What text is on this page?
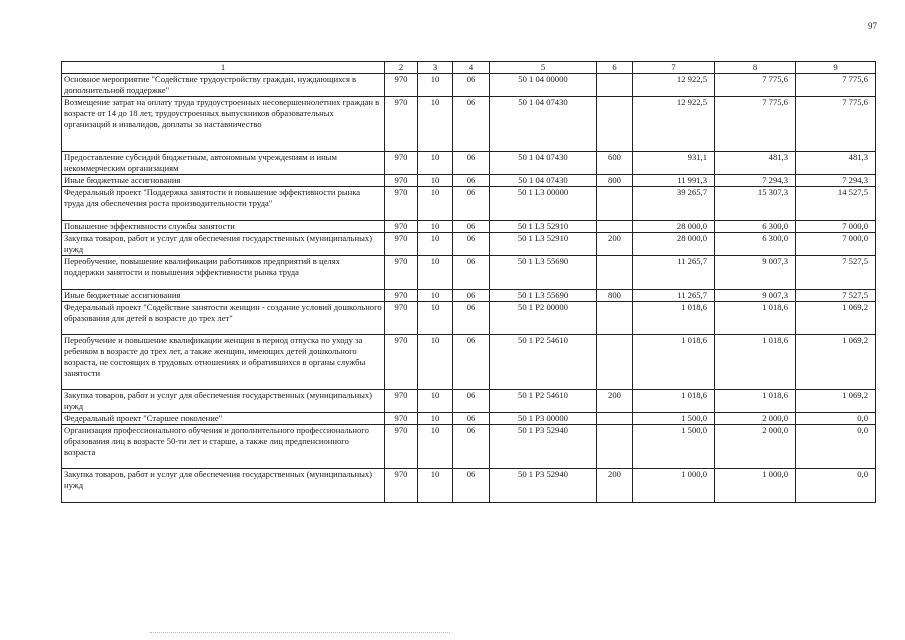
97
1	2	3	4	5	6	7	8	9
Основное мероприятие "Содействие трудоустройству граждан, нуждающихся в дополнительной поддержке"	970	10	06	50 1 04 00000		12 922,5	7 775,6	7 775,6
Возмещение затрат на оплату труда трудоустроенных несовершеннолетних граждан в возрасте от 14 до 18 лет, трудоустроенных выпускников образовательных организаций и инвалидов, доплаты за наставничество	970	10	06	50 1 04 07430		12 922,5	7 775,6	7 775,6
Предоставление субсидий бюджетным, автономным учреждениям и иным некоммерческим организациям	970	10	06	50 1 04 07430	600	931,1	481,3	481,3
Иные бюджетные ассигнования	970	10	06	50 1 04 07430	800	11 991,3	7 294,3	7 294,3
Федеральный проект "Поддержка занятости и повышение эффективности рынка труда для обеспечения роста производительности труда"	970	10	06	50 1 L3 00000		39 265,7	15 307,3	14 527,5
Повышение эффективности службы занятости	970	10	06	50 1 L3 52910		28 000,0	6 300,0	7 000,0
Закупка товаров, работ и услуг для обеспечения государственных (муниципальных) нужд	970	10	06	50 1 L3 52910	200	28 000,0	6 300,0	7 000,0
Переобучение, повышение квалификации работников предприятий в целях поддержки занятости и повышения эффективности рынка труда	970	10	06	50 1 L3 55690		11 265,7	9 007,3	7 527,5
Иные бюджетные ассигнования	970	10	06	50 1 L3 55690	800	11 265,7	9 007,3	7 527,5
Федеральный проект "Содействие занятости женщин - создание условий дошкольного образования для детей в возрасте до трех лет"	970	10	06	50 1 P2 00000		1 018,6	1 018,6	1 069,2
Переобучение и повышение квалификации женщин в период отпуска по уходу за ребенком в возрасте до трех лет, а также женщин, имеющих детей дошкольного возраста, не состоящих в трудовых отношениях и обратившихся в органы службы занятости	970	10	06	50 1 P2 54610		1 018,6	1 018,6	1 069,2
Закупка товаров, работ и услуг для обеспечения государственных (муниципальных) нужд	970	10	06	50 1 P2 54610	200	1 018,6	1 018,6	1 069,2
Федеральный проект "Старшее поколение"	970	10	06	50 1 P3 00000		1 500,0	2 000,0	0,0
Организация профессионального обучения и дополнительного профессионального образования лиц в возрасте 50-ти лет и старше, а также лиц предпенсионного возраста	970	10	06	50 1 P3 52940		1 500,0	2 000,0	0,0
Закупка товаров, работ и услуг для обеспечения государственных (муниципальных) нужд	970	10	06	50 1 P3 52940	200	1 000,0	1 000,0	0,0
